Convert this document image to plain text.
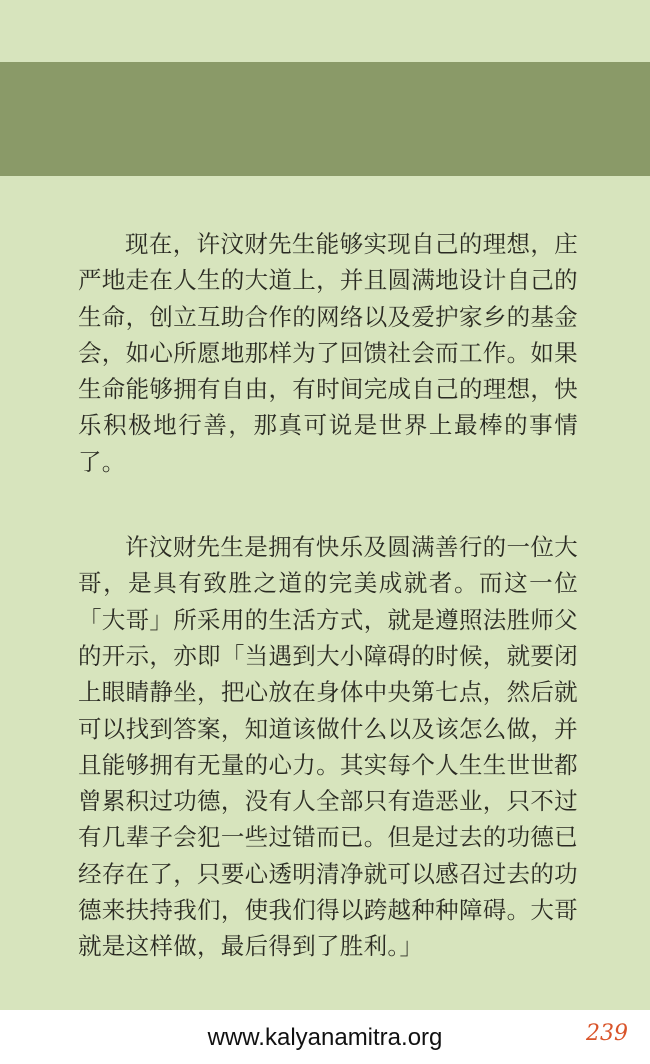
现在，许汶财先生能够实现自己的理想，庄严地走在人生的大道上，并且圆满地设计自己的生命，创立互助合作的网络以及爱护家乡的基金会，如心所愿地那样为了回馈社会而工作。如果生命能够拥有自由，有时间完成自己的理想，快乐积极地行善，那真可说是世界上最棒的事情了。

许汶财先生是拥有快乐及圆满善行的一位大哥，是具有致胜之道的完美成就者。而这一位「大哥」所采用的生活方式，就是遵照法胜师父的开示，亦即「当遇到大小障碍的时候，就要闭上眼睛静坐，把心放在身体中央第七点，然后就可以找到答案，知道该做什么以及该怎么做，并且能够拥有无量的心力。其实每个人生生世世都曾累积过功德，没有人全部只有造恶业，只不过有几辈子会犯一些过错而已。但是过去的功德已经存在了，只要心透明清净就可以感召过去的功德来扶持我们，使我们得以跨越种种障碍。大哥就是这样做，最后得到了胜利。」

www.kalyanamitra.org	239
